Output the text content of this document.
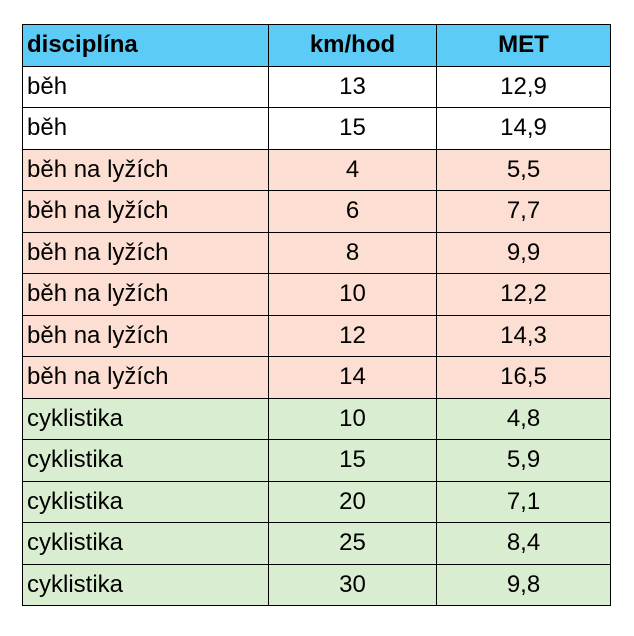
disciplína	km/hod	MET
běh	13	12,9
běh	15	14,9
běh na lyžích	4	5,5
běh na lyžích	6	7,7
běh na lyžích	8	9,9
běh na lyžích	10	12,2
běh na lyžích	12	14,3
běh na lyžích	14	16,5
cyklistika	10	4,8
cyklistika	15	5,9
cyklistika	20	7,1
cyklistika	25	8,4
cyklistika	30	9,8
